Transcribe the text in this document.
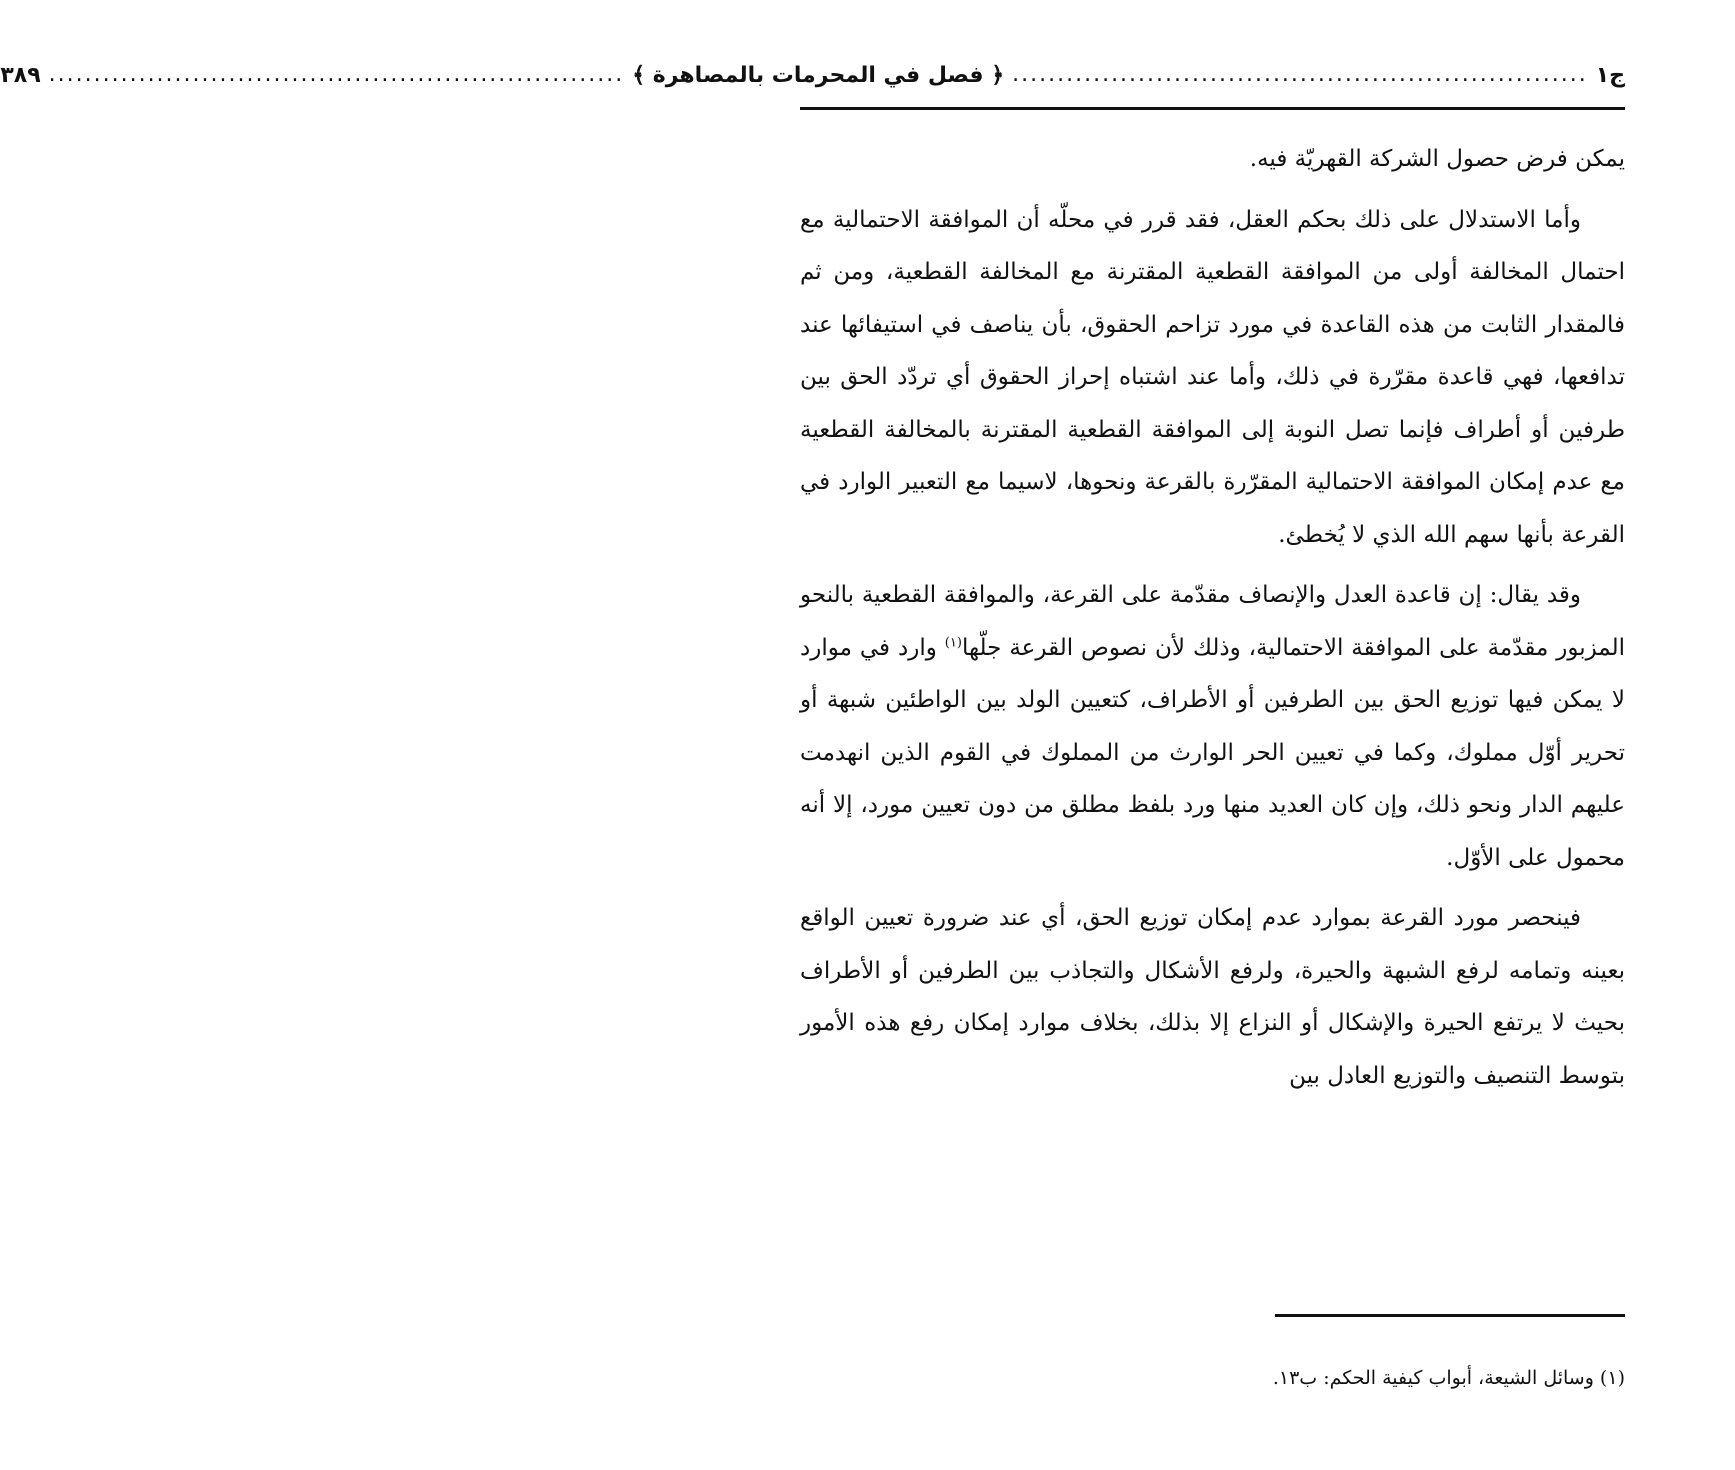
ج١
................................................................
﴿ فصل في المحرمات بالمصاهرة ﴾
................................................................
٣٨٩

يمكن فرض حصول الشركة القهريّة فيه.

وأما الاستدلال على ذلك بحكم العقل، فقد قرر في محلّه أن الموافقة الاحتمالية مع احتمال المخالفة أولى من الموافقة القطعية المقترنة مع المخالفة القطعية، ومن ثم فالمقدار الثابت من هذه القاعدة في مورد تزاحم الحقوق، بأن يناصف في استيفائها عند تدافعها، فهي قاعدة مقرّرة في ذلك، وأما عند اشتباه إحراز الحقوق أي تردّد الحق بين طرفين أو أطراف فإنما تصل النوبة إلى الموافقة القطعية المقترنة بالمخالفة القطعية مع عدم إمكان الموافقة الاحتمالية المقرّرة بالقرعة ونحوها، لاسيما مع التعبير الوارد في القرعة بأنها سهم الله الذي لا يُخطئ.

وقد يقال: إن قاعدة العدل والإنصاف مقدّمة على القرعة، والموافقة القطعية بالنحو المزبور مقدّمة على الموافقة الاحتمالية، وذلك لأن نصوص القرعة جلّها$^{(١)}$ وارد في موارد لا يمكن فيها توزيع الحق بين الطرفين أو الأطراف، كتعيين الولد بين الواطئين شبهة أو تحرير أوّل مملوك، وكما في تعيين الحر الوارث من المملوك في القوم الذين انهدمت عليهم الدار ونحو ذلك، وإن كان العديد منها ورد بلفظ مطلق من دون تعيين مورد، إلا أنه محمول على الأوّل.

فينحصر مورد القرعة بموارد عدم إمكان توزيع الحق، أي عند ضرورة تعيين الواقع بعينه وتمامه لرفع الشبهة والحيرة، ولرفع الأشكال والتجاذب بين الطرفين أو الأطراف بحيث لا يرتفع الحيرة والإشكال أو النزاع إلا بذلك، بخلاف موارد إمكان رفع هذه الأمور بتوسط التنصيف والتوزيع العادل بين

(١) وسائل الشيعة، أبواب كيفية الحكم: ب١٣.
